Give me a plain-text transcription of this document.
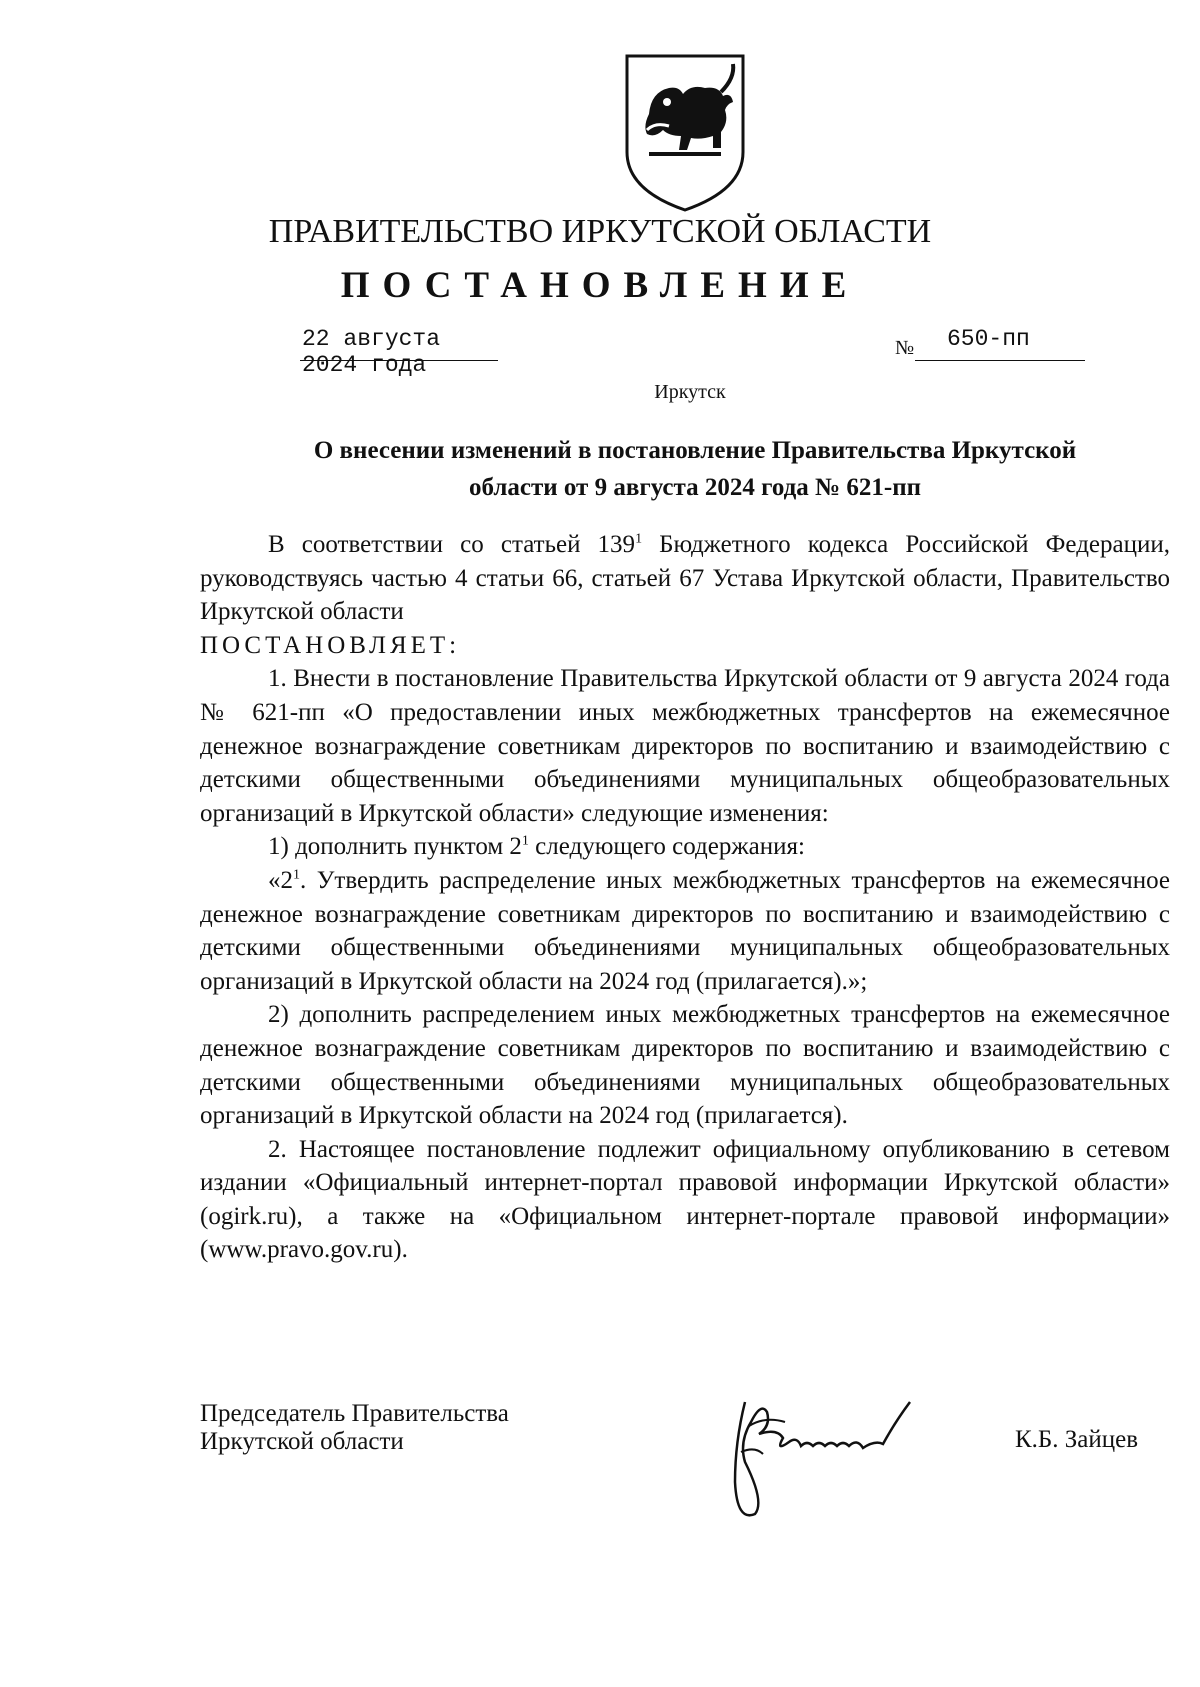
ПРАВИТЕЛЬСТВО ИРКУТСКОЙ ОБЛАСТИ
ПОСТАНОВЛЕНИЕ
22 августа 2024 года
№ 650-пп
Иркутск
О внесении изменений в постановление Правительства Иркутской
области от 9 августа 2024 года № 621-пп

В соответствии со статьей $139^1$ Бюджетного кодекса Российской Федерации, руководствуясь частью 4 статьи 66, статьей 67 Устава Иркутской области, Правительство Иркутской области

ПОСТАНОВЛЯЕТ:

1. Внести в постановление Правительства Иркутской области от 9 августа 2024 года № 621-пп «О предоставлении иных межбюджетных трансфертов на ежемесячное денежное вознаграждение советникам директоров по воспитанию и взаимодействию с детскими общественными объединениями муниципальных общеобразовательных организаций в Иркутской области» следующие изменения:

1) дополнить пунктом $2^1$ следующего содержания:

«$2^1$. Утвердить распределение иных межбюджетных трансфертов на ежемесячное денежное вознаграждение советникам директоров по воспитанию и взаимодействию с детскими общественными объединениями муниципальных общеобразовательных организаций в Иркутской области на 2024 год (прилагается).»;

2) дополнить распределением иных межбюджетных трансфертов на ежемесячное денежное вознаграждение советникам директоров по воспитанию и взаимодействию с детскими общественными объединениями муниципальных общеобразовательных организаций в Иркутской области на 2024 год (прилагается).

2. Настоящее постановление подлежит официальному опубликованию в сетевом издании «Официальный интернет-портал правовой информации Иркутской области» (ogirk.ru), а также на «Официальном интернет-портале правовой информации» (www.pravo.gov.ru).

Председатель Правительства
Иркутской области	К.Б. Зайцев
